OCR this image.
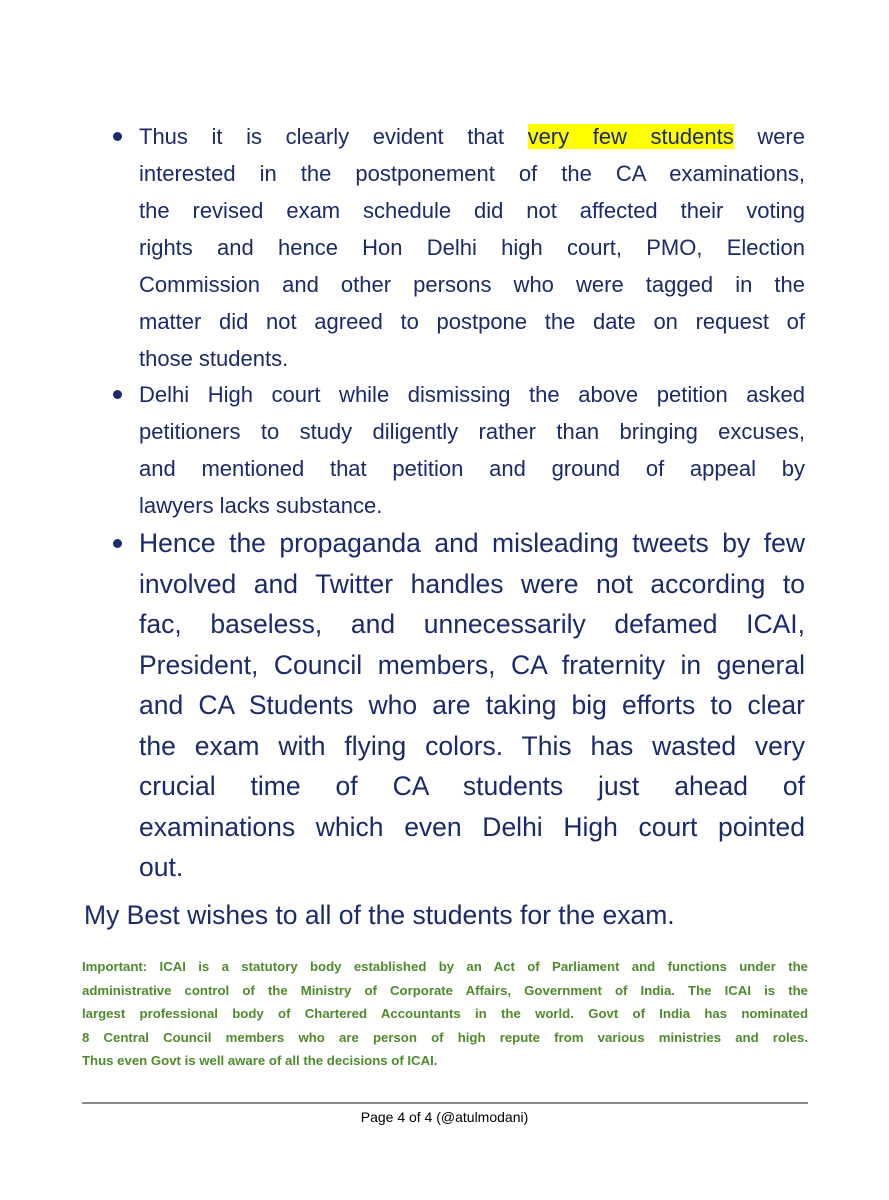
Thus it is clearly evident that very few students were
interested in the postponement of the CA examinations,
the revised exam schedule did not affected their voting
rights and hence Hon Delhi high court, PMO, Election
Commission and other persons who were tagged in the
matter did not agreed to postpone the date on request of
those students.
Delhi High court while dismissing the above petition asked
petitioners to study diligently rather than bringing excuses,
and mentioned that petition and ground of appeal by
lawyers lacks substance.
Hence the propaganda and misleading tweets by few
involved and Twitter handles were not according to
fac, baseless, and unnecessarily defamed ICAI,
President, Council members, CA fraternity in general
and CA Students who are taking big efforts to clear
the exam with flying colors. This has wasted very
crucial time of CA students just ahead of
examinations which even Delhi High court pointed
out.
My Best wishes to all of the students for the exam.
Important: ICAI is a statutory body established by an Act of Parliament and functions under the
administrative control of the Ministry of Corporate Affairs, Government of India. The ICAI is the
largest professional body of Chartered Accountants in the world. Govt of India has nominated
8 Central Council members who are person of high repute from various ministries and roles.
Thus even Govt is well aware of all the decisions of ICAI.
Page 4 of 4 (@atulmodani)
